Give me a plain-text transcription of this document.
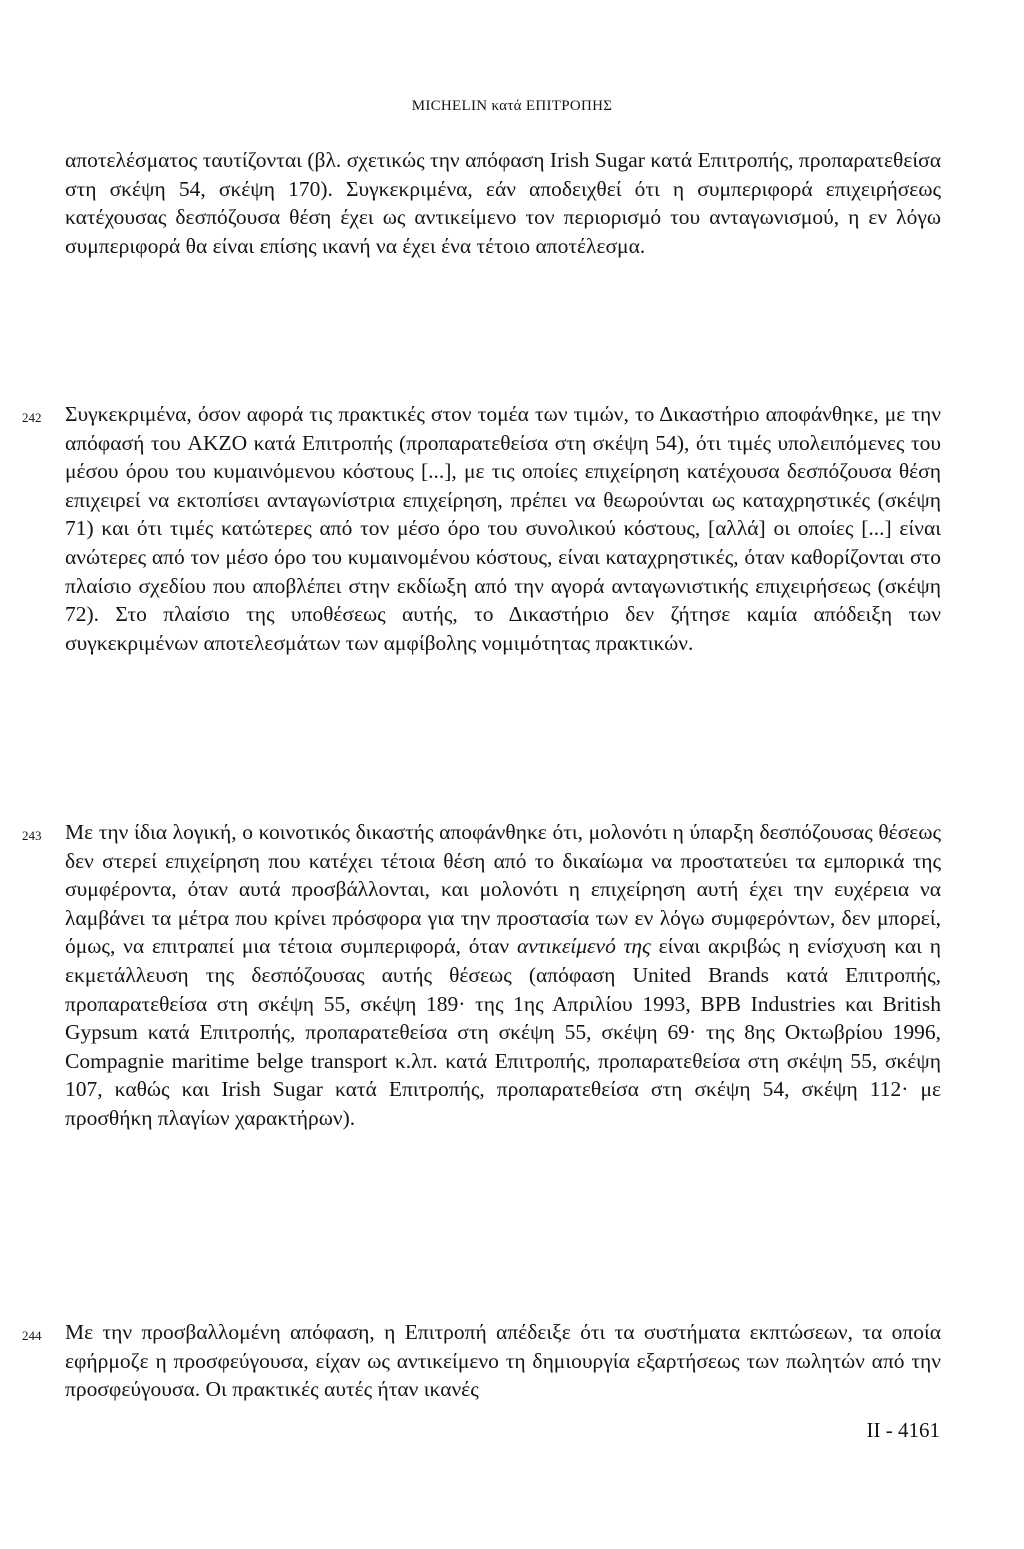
MICHELIN κατά ΕΠΙΤΡΟΠΗΣ
αποτελέσματος ταυτίζονται (βλ. σχετικώς την απόφαση Irish Sugar κατά Επιτροπής, προπαρατεθείσα στη σκέψη 54, σκέψη 170). Συγκεκριμένα, εάν αποδειχθεί ότι η συμπεριφορά επιχειρήσεως κατέχουσας δεσπόζουσα θέση έχει ως αντικείμενο τον περιορισμό του ανταγωνισμού, η εν λόγω συμπεριφορά θα είναι επίσης ικανή να έχει ένα τέτοιο αποτέλεσμα.
242 Συγκεκριμένα, όσον αφορά τις πρακτικές στον τομέα των τιμών, το Δικαστήριο αποφάνθηκε, με την απόφασή του AKZO κατά Επιτροπής (προπαρατεθείσα στη σκέψη 54), ότι τιμές υπολειπόμενες του μέσου όρου του κυμαινόμενου κόστους [...], με τις οποίες επιχείρηση κατέχουσα δεσπόζουσα θέση επιχειρεί να εκτοπίσει ανταγωνίστρια επιχείρηση, πρέπει να θεωρούνται ως καταχρηστικές (σκέψη 71) και ότι τιμές κατώτερες από τον μέσο όρο του συνολικού κόστους, [αλλά] οι οποίες [...] είναι ανώτερες από τον μέσο όρο του κυμαινομένου κόστους, είναι καταχρηστικές, όταν καθορίζονται στο πλαίσιο σχεδίου που αποβλέπει στην εκδίωξη από την αγορά ανταγωνιστικής επιχειρήσεως (σκέψη 72). Στο πλαίσιο της υποθέσεως αυτής, το Δικαστήριο δεν ζήτησε καμία απόδειξη των συγκεκριμένων αποτελεσμάτων των αμφίβολης νομιμότητας πρακτικών.
243 Με την ίδια λογική, ο κοινοτικός δικαστής αποφάνθηκε ότι, μολονότι η ύπαρξη δεσπόζουσας θέσεως δεν στερεί επιχείρηση που κατέχει τέτοια θέση από το δικαίωμα να προστατεύει τα εμπορικά της συμφέροντα, όταν αυτά προσβάλλονται, και μολονότι η επιχείρηση αυτή έχει την ευχέρεια να λαμβάνει τα μέτρα που κρίνει πρόσφορα για την προστασία των εν λόγω συμφερόντων, δεν μπορεί, όμως, να επιτραπεί μια τέτοια συμπεριφορά, όταν αντικείμενό της είναι ακριβώς η ενίσχυση και η εκμετάλλευση της δεσπόζουσας αυτής θέσεως (απόφαση United Brands κατά Επιτροπής, προπαρατεθείσα στη σκέψη 55, σκέψη 189· της 1ης Απριλίου 1993, BPB Industries και British Gypsum κατά Επιτροπής, προπαρατεθείσα στη σκέψη 55, σκέψη 69· της 8ης Οκτωβρίου 1996, Compagnie maritime belge transport κ.λπ. κατά Επιτροπής, προπαρατεθείσα στη σκέψη 55, σκέψη 107, καθώς και Irish Sugar κατά Επιτροπής, προπαρατεθείσα στη σκέψη 54, σκέψη 112· με προσθήκη πλαγίων χαρακτήρων).
244 Με την προσβαλλομένη απόφαση, η Επιτροπή απέδειξε ότι τα συστήματα εκπτώσεων, τα οποία εφήρμοζε η προσφεύγουσα, είχαν ως αντικείμενο τη δημιουργία εξαρτήσεως των πωλητών από την προσφεύγουσα. Οι πρακτικές αυτές ήταν ικανές
II - 4161
